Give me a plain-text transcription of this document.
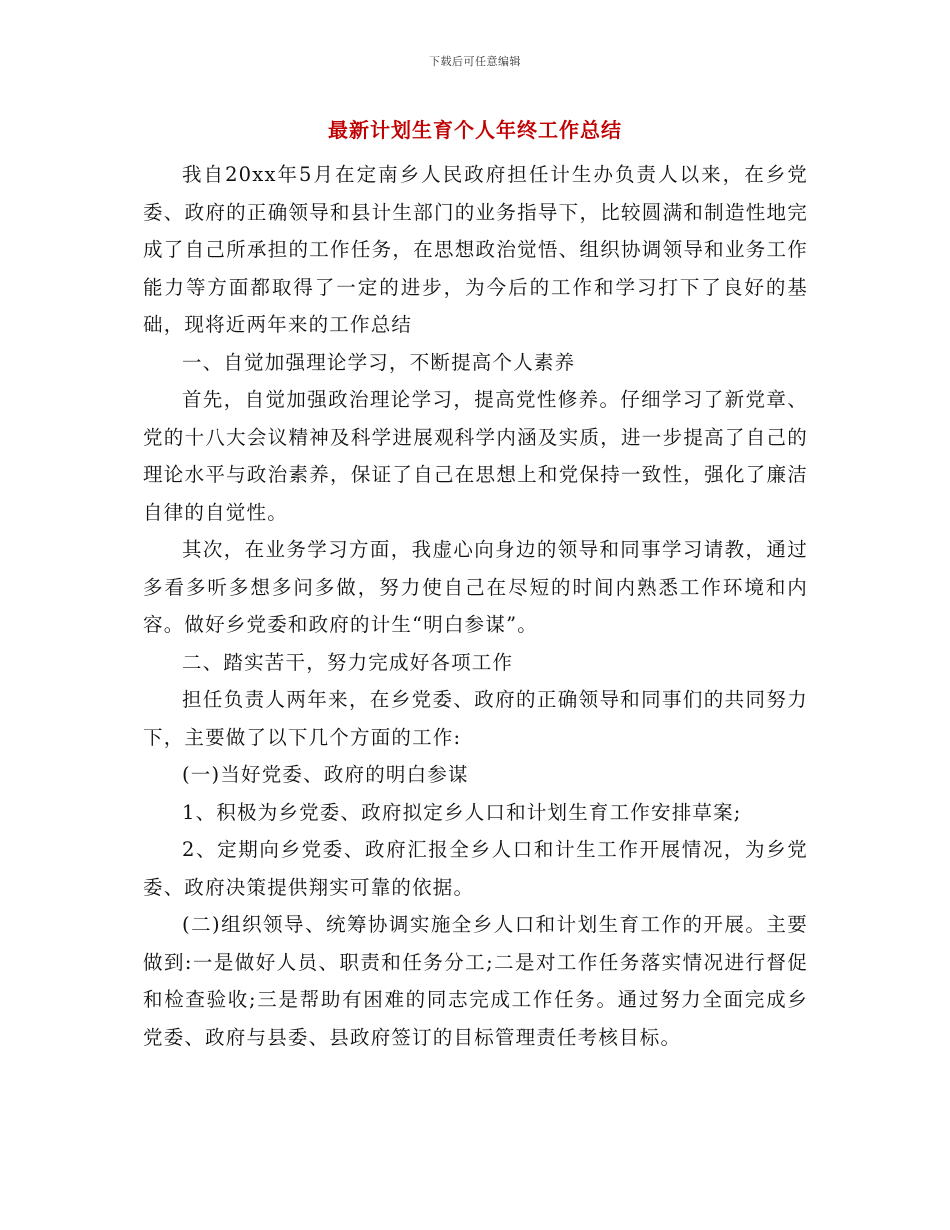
下载后可任意编辑
最新计划生育个人年终工作总结

我自20xx年5月在定南乡人民政府担任计生办负责人以来，在乡党委、政府的正确领导和县计生部门的业务指导下，比较圆满和制造性地完成了自己所承担的工作任务，在思想政治觉悟、组织协调领导和业务工作能力等方面都取得了一定的进步，为今后的工作和学习打下了良好的基础，现将近两年来的工作总结

一、自觉加强理论学习，不断提高个人素养

首先，自觉加强政治理论学习，提高党性修养。仔细学习了新党章、党的十八大会议精神及科学进展观科学内涵及实质，进一步提高了自己的理论水平与政治素养，保证了自己在思想上和党保持一致性，强化了廉洁自律的自觉性。

其次，在业务学习方面，我虚心向身边的领导和同事学习请教，通过多看多听多想多问多做，努力使自己在尽短的时间内熟悉工作环境和内容。做好乡党委和政府的计生“明白参谋”。

二、踏实苦干，努力完成好各项工作

担任负责人两年来，在乡党委、政府的正确领导和同事们的共同努力下，主要做了以下几个方面的工作:

(一)当好党委、政府的明白参谋

1、积极为乡党委、政府拟定乡人口和计划生育工作安排草案;

2、定期向乡党委、政府汇报全乡人口和计生工作开展情况，为乡党委、政府决策提供翔实可靠的依据。

(二)组织领导、统筹协调实施全乡人口和计划生育工作的开展。主要做到:一是做好人员、职责和任务分工;二是对工作任务落实情况进行督促和检查验收;三是帮助有困难的同志完成工作任务。通过努力全面完成乡党委、政府与县委、县政府签订的目标管理责任考核目标。
